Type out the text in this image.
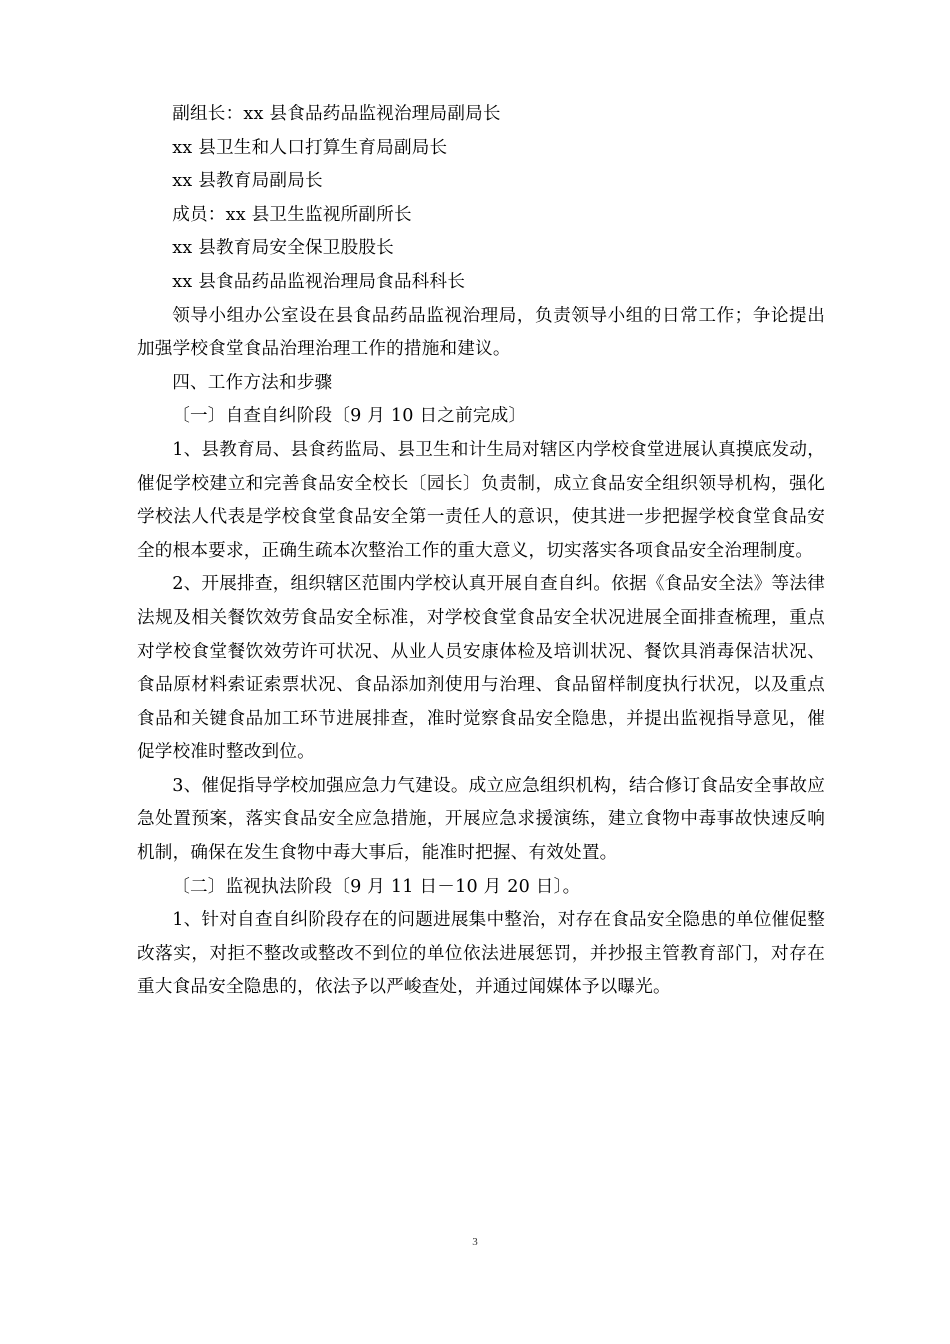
副组长：xx 县食品药品监视治理局副局长

xx 县卫生和人口打算生育局副局长

xx 县教育局副局长

成员：xx 县卫生监视所副所长

xx 县教育局安全保卫股股长

xx 县食品药品监视治理局食品科科长

领导小组办公室设在县食品药品监视治理局，负责领导小组的日常工作；争论提出加强学校食堂食品治理治理工作的措施和建议。

四、工作方法和步骤

〔一〕自查自纠阶段〔9 月 10 日之前完成〕

1、县教育局、县食药监局、县卫生和计生局对辖区内学校食堂进展认真摸底发动，催促学校建立和完善食品安全校长〔园长〕负责制，成立食品安全组织领导机构，强化学校法人代表是学校食堂食品安全第一责任人的意识，使其进一步把握学校食堂食品安全的根本要求，正确生疏本次整治工作的重大意义，切实落实各项食品安全治理制度。

2、开展排查，组织辖区范围内学校认真开展自查自纠。依据《食品安全法》等法律法规及相关餐饮效劳食品安全标准，对学校食堂食品安全状况进展全面排查梳理，重点对学校食堂餐饮效劳许可状况、从业人员安康体检及培训状况、餐饮具消毒保洁状况、食品原材料索证索票状况、食品添加剂使用与治理、食品留样制度执行状况，以及重点食品和关键食品加工环节进展排查，准时觉察食品安全隐患，并提出监视指导意见，催促学校准时整改到位。

3、催促指导学校加强应急力气建设。成立应急组织机构，结合修订食品安全事故应急处置预案，落实食品安全应急措施，开展应急求援演练，建立食物中毒事故快速反响机制，确保在发生食物中毒大事后，能准时把握、有效处置。

〔二〕监视执法阶段〔9 月 11 日－10 月 20 日〕。

1、针对自查自纠阶段存在的问题进展集中整治，对存在食品安全隐患的单位催促整改落实，对拒不整改或整改不到位的单位依法进展惩罚，并抄报主管教育部门，对存在重大食品安全隐患的，依法予以严峻查处，并通过闻媒体予以曝光。

3
